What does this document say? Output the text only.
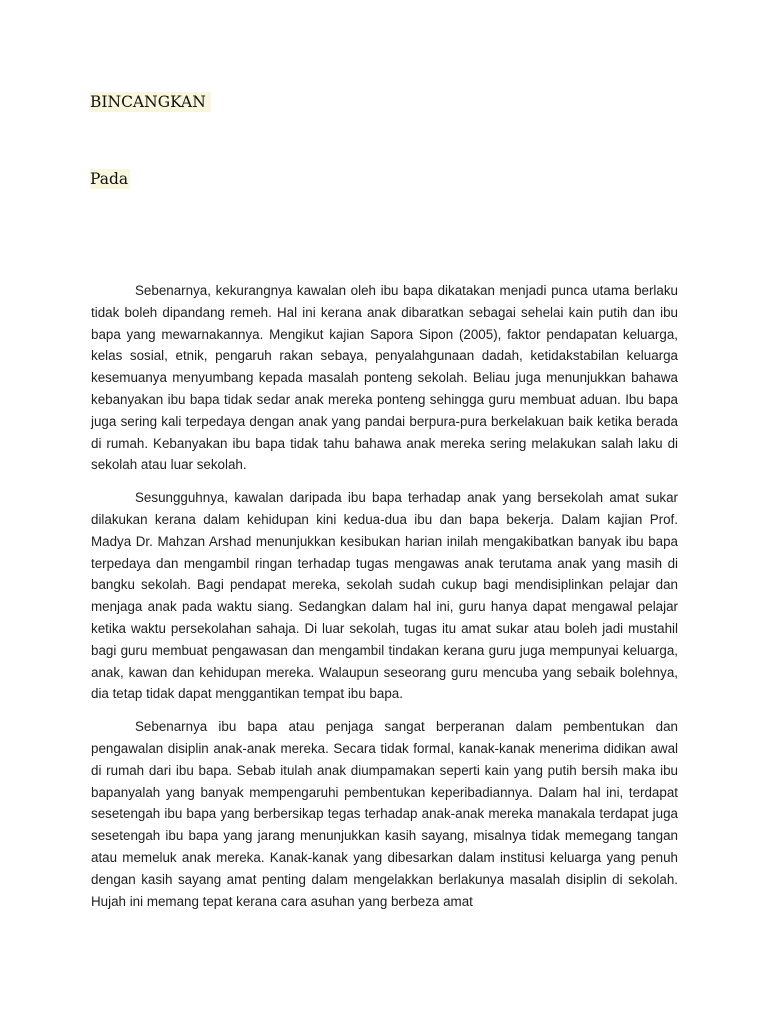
BINCANGKAN
Pada

Sebenarnya, kekurangnya kawalan oleh ibu bapa dikatakan menjadi punca utama berlaku tidak boleh dipandang remeh. Hal ini kerana anak dibaratkan sebagai sehelai kain putih dan ibu bapa yang mewarnakannya. Mengikut kajian Sapora Sipon (2005), faktor pendapatan keluarga, kelas sosial, etnik, pengaruh rakan sebaya, penyalahgunaan dadah, ketidakstabilan keluarga kesemuanya menyumbang kepada masalah ponteng sekolah. Beliau juga menunjukkan bahawa kebanyakan ibu bapa tidak sedar anak mereka ponteng sehingga guru membuat aduan. Ibu bapa juga sering kali terpedaya dengan anak yang pandai berpura-pura berkelakuan baik ketika berada di rumah. Kebanyakan ibu bapa tidak tahu bahawa anak mereka sering melakukan salah laku di sekolah atau luar sekolah.

Sesungguhnya, kawalan daripada ibu bapa terhadap anak yang bersekolah amat sukar dilakukan kerana dalam kehidupan kini kedua-dua ibu dan bapa bekerja. Dalam kajian Prof. Madya Dr. Mahzan Arshad menunjukkan kesibukan harian inilah mengakibatkan banyak ibu bapa terpedaya dan mengambil ringan terhadap tugas mengawas anak terutama anak yang masih di bangku sekolah. Bagi pendapat mereka, sekolah sudah cukup bagi mendisiplinkan pelajar dan menjaga anak pada waktu siang. Sedangkan dalam hal ini, guru hanya dapat mengawal pelajar ketika waktu persekolahan sahaja. Di luar sekolah, tugas itu amat sukar atau boleh jadi mustahil bagi guru membuat pengawasan dan mengambil tindakan kerana guru juga mempunyai keluarga, anak, kawan dan kehidupan mereka. Walaupun seseorang guru mencuba yang sebaik bolehnya, dia tetap tidak dapat menggantikan tempat ibu bapa.

Sebenarnya ibu bapa atau penjaga sangat berperanan dalam pembentukan dan pengawalan disiplin anak-anak mereka. Secara tidak formal, kanak-kanak menerima didikan awal di rumah dari ibu bapa. Sebab itulah anak diumpamakan seperti kain yang putih bersih maka ibu bapanyalah yang banyak mempengaruhi pembentukan keperibadiannya. Dalam hal ini, terdapat sesetengah ibu bapa yang berbersikap tegas terhadap anak-anak mereka manakala terdapat juga sesetengah ibu bapa yang jarang menunjukkan kasih sayang, misalnya tidak memegang tangan atau memeluk anak mereka. Kanak-kanak yang dibesarkan dalam institusi keluarga yang penuh dengan kasih sayang amat penting dalam mengelakkan berlakunya masalah disiplin di sekolah. Hujah ini memang tepat kerana cara asuhan yang berbeza amat
